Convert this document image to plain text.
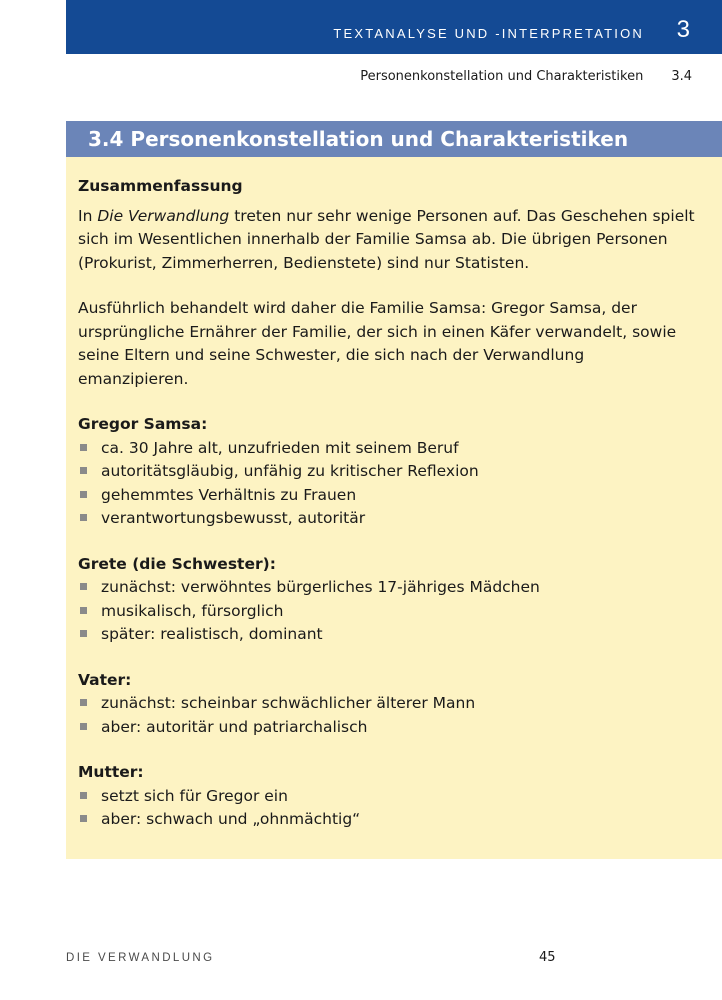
TEXTANALYSE UND -INTERPRETATION 3
Personenkonstellation und Charakteristiken 3.4
3.4 Personenkonstellation und Charakteristiken

Zusammenfassung

In Die Verwandlung treten nur sehr wenige Personen auf. Das Geschehen spielt sich im Wesentlichen innerhalb der Familie Samsa ab. Die übrigen Personen (Prokurist, Zimmerherren, Bedienstete) sind nur Statisten.

Ausführlich behandelt wird daher die Familie Samsa: Gregor Samsa, der ursprüngliche Ernährer der Familie, der sich in einen Käfer verwandelt, sowie seine Eltern und seine Schwester, die sich nach der Verwandlung emanzipieren.

Gregor Samsa:

ca. 30 Jahre alt, unzufrieden mit seinem Beruf
autoritätsgläubig, unfähig zu kritischer Reflexion
gehemmtes Verhältnis zu Frauen
verantwortungsbewusst, autoritär

Grete (die Schwester):

zunächst: verwöhntes bürgerliches 17-jähriges Mädchen
musikalisch, fürsorglich
später: realistisch, dominant

Vater:

zunächst: scheinbar schwächlicher älterer Mann
aber: autoritär und patriarchalisch

Mutter:

setzt sich für Gregor ein
aber: schwach und „ohnmächtig“
DIE VERWANDLUNG	45
